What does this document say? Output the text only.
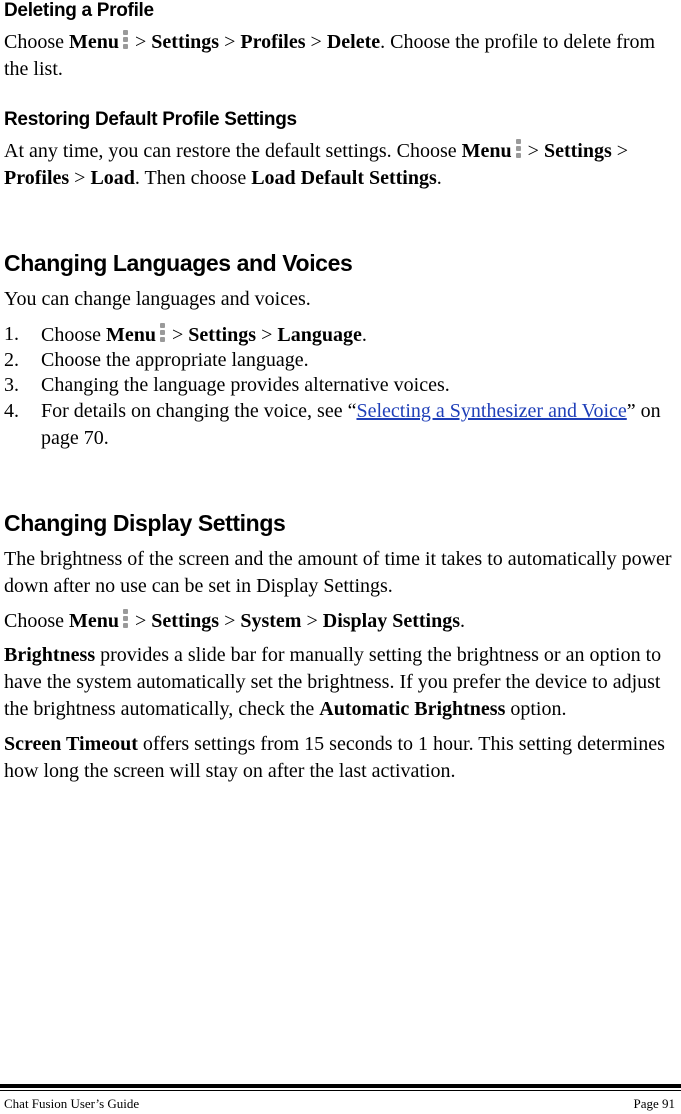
Deleting a Profile

Choose Menu > Settings > Profiles > Delete. Choose the profile to delete from the list.

Restoring Default Profile Settings

At any time, you can restore the default settings. Choose Menu > Settings > Profiles > Load. Then choose Load Default Settings.

Changing Languages and Voices

You can change languages and voices.

1. Choose Menu > Settings > Language.
2. Choose the appropriate language.
3. Changing the language provides alternative voices.
4. For details on changing the voice, see “Selecting a Synthesizer and Voice” on page 70.
Changing Display Settings

The brightness of the screen and the amount of time it takes to automatically power down after no use can be set in Display Settings.

Choose Menu > Settings > System > Display Settings.

Brightness provides a slide bar for manually setting the brightness or an option to have the system automatically set the brightness. If you prefer the device to adjust the brightness automatically, check the Automatic Brightness option.

Screen Timeout offers settings from 15 seconds to 1 hour. This setting determines how long the screen will stay on after the last activation.

Chat Fusion User’s Guide	Page 91
